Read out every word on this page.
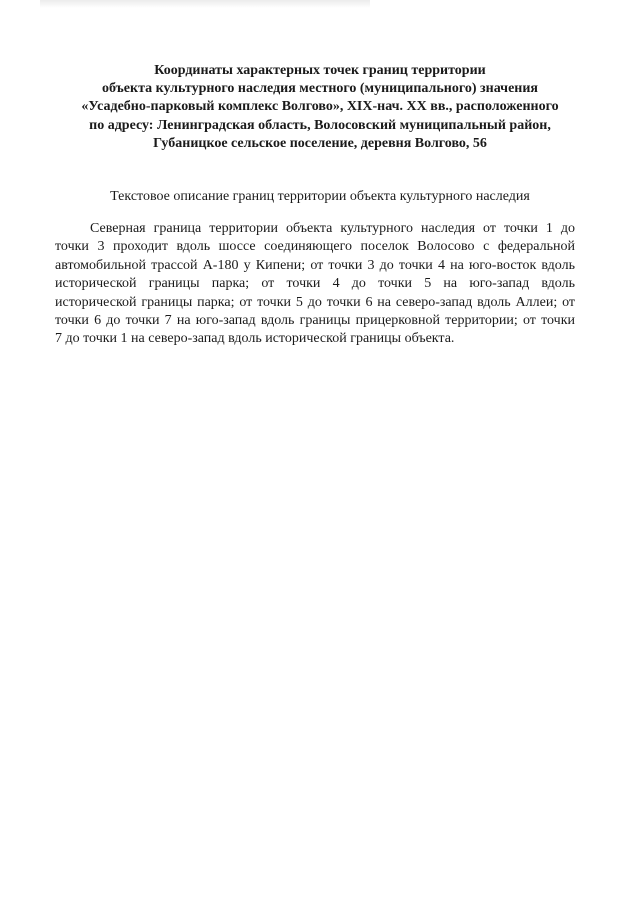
Координаты характерных точек границ территории
объекта культурного наследия местного (муниципального) значения
«Усадебно-парковый комплекс Волгово», XIX-нач. XX вв., расположенного
по адресу: Ленинградская область, Волосовский муниципальный район,
Губаницкое сельское поселение, деревня Волгово, 56
Текстовое описание границ территории объекта культурного наследия
Северная граница территории объекта культурного наследия от точки 1 до
точки 3 проходит вдоль шоссе соединяющего поселок Волосово с федеральной
автомобильной трассой А-180 у Кипени; от точки 3 до точки 4 на юго-восток вдоль
исторической границы парка; от точки 4 до точки 5 на юго-запад вдоль
исторической границы парка; от точки 5 до точки 6 на северо-запад вдоль Аллеи; от
точки 6 до точки 7 на юго-запад вдоль границы прицерковной территории; от точки
7 до точки 1 на северо-запад вдоль исторической границы объекта.
